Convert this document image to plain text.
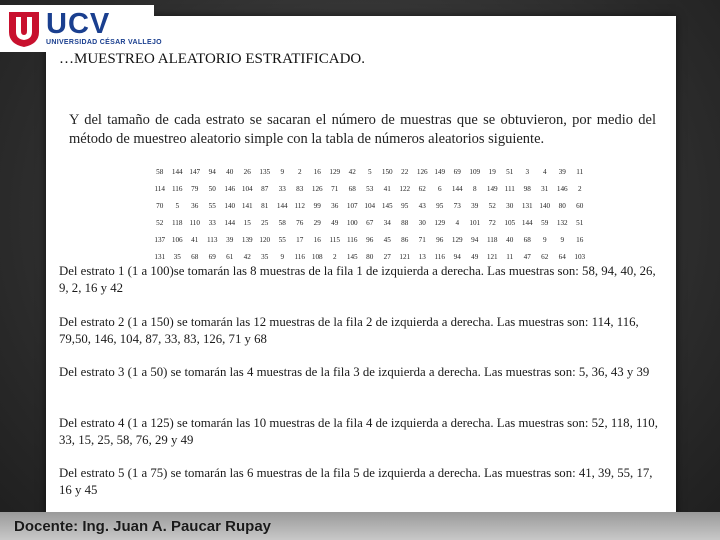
UCV
UNIVERSIDAD CÉSAR VALLEJO
…MUESTREO ALEATORIO ESTRATIFICADO.
Y del tamaño de cada estrato se sacaran el número de muestras que se obtuvieron, por medio del método de muestreo aleatorio simple con la tabla de números aleatorios siguiente.
58	144	147	94	40	26	135	9	2	16	129	42	5	150	22	126	149	69	109	19	51	3	4	39	11
114	116	79	50	146	104	87	33	83	126	71	68	53	41	122	62	6	144	8	149	111	98	31	146	2
70	5	36	55	140	141	81	144	112	99	36	107	104	145	95	43	95	73	39	52	30	131	140	80	60
52	118	110	33	144	15	25	58	76	29	49	100	67	34	88	30	129	4	101	72	105	144	59	132	51
137	106	41	113	39	139	120	55	17	16	115	116	96	45	86	71	96	129	94	118	40	68	9	9	16
131	35	68	69	61	42	35	9	116	108	2	145	80	27	121	13	116	94	49	121	11	47	62	64	103
Del estrato 1 (1 a 100)se tomarán las 8 muestras de la fila 1 de izquierda a derecha. Las muestras son: 58, 94, 40, 26, 9, 2, 16 y 42
Del estrato 2 (1 a 150) se tomarán las 12 muestras de la fila 2 de izquierda a derecha. Las muestras son: 114, 116, 79,50, 146, 104, 87, 33, 83, 126, 71 y 68
Del estrato 3 (1 a 50) se tomarán las 4 muestras de la fila 3 de izquierda a derecha. Las muestras son: 5, 36, 43 y 39
Del estrato 4 (1 a 125) se tomarán las 10 muestras de la fila 4 de izquierda a derecha. Las muestras son: 52, 118, 110, 33, 15, 25, 58, 76, 29 y 49
Del estrato 5 (1 a 75) se tomarán las 6 muestras de la fila 5 de izquierda a derecha. Las muestras son: 41, 39, 55, 17, 16 y 45
Docente: Ing. Juan A. Paucar Rupay
